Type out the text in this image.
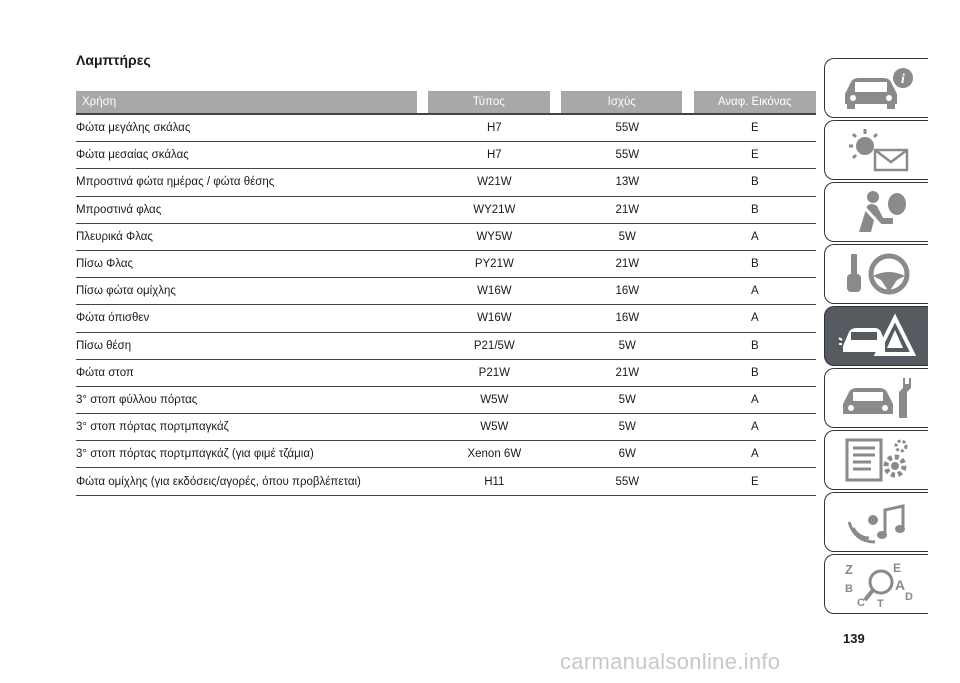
Λαμπτήρες
Χρήση		Τύπος		Ισχύς		Αναφ. Εικόνας
Φώτα μεγάλης σκάλας		H7		55W		E
Φώτα μεσαίας σκάλας		H7		55W		E
Μπροστινά φώτα ημέρας / φώτα θέσης		W21W		13W		B
Μπροστινά φλας		WY21W		21W		B
Πλευρικά Φλας		WY5W		5W		A
Πίσω Φλας		PY21W		21W		B
Πίσω φώτα ομίχλης		W16W		16W		A
Φώτα όπισθεν		W16W		16W		A
Πίσω θέση		P21/5W		5W		B
Φώτα στοπ		P21W		21W		B
3° στοπ φύλλου πόρτας		W5W		5W		A
3° στοπ πόρτας πορτμπαγκάζ		W5W		5W		A
3° στοπ πόρτας πορτμπαγκάζ (για φιμέ τζάμια)		Xenon 6W		6W		A
Φώτα ομίχλης (για εκδόσεις/αγορές, όπου προβλέπεται)		H11		55W		E
i
Z	E
A
B
D
C T
139
carmanualsonline.info
